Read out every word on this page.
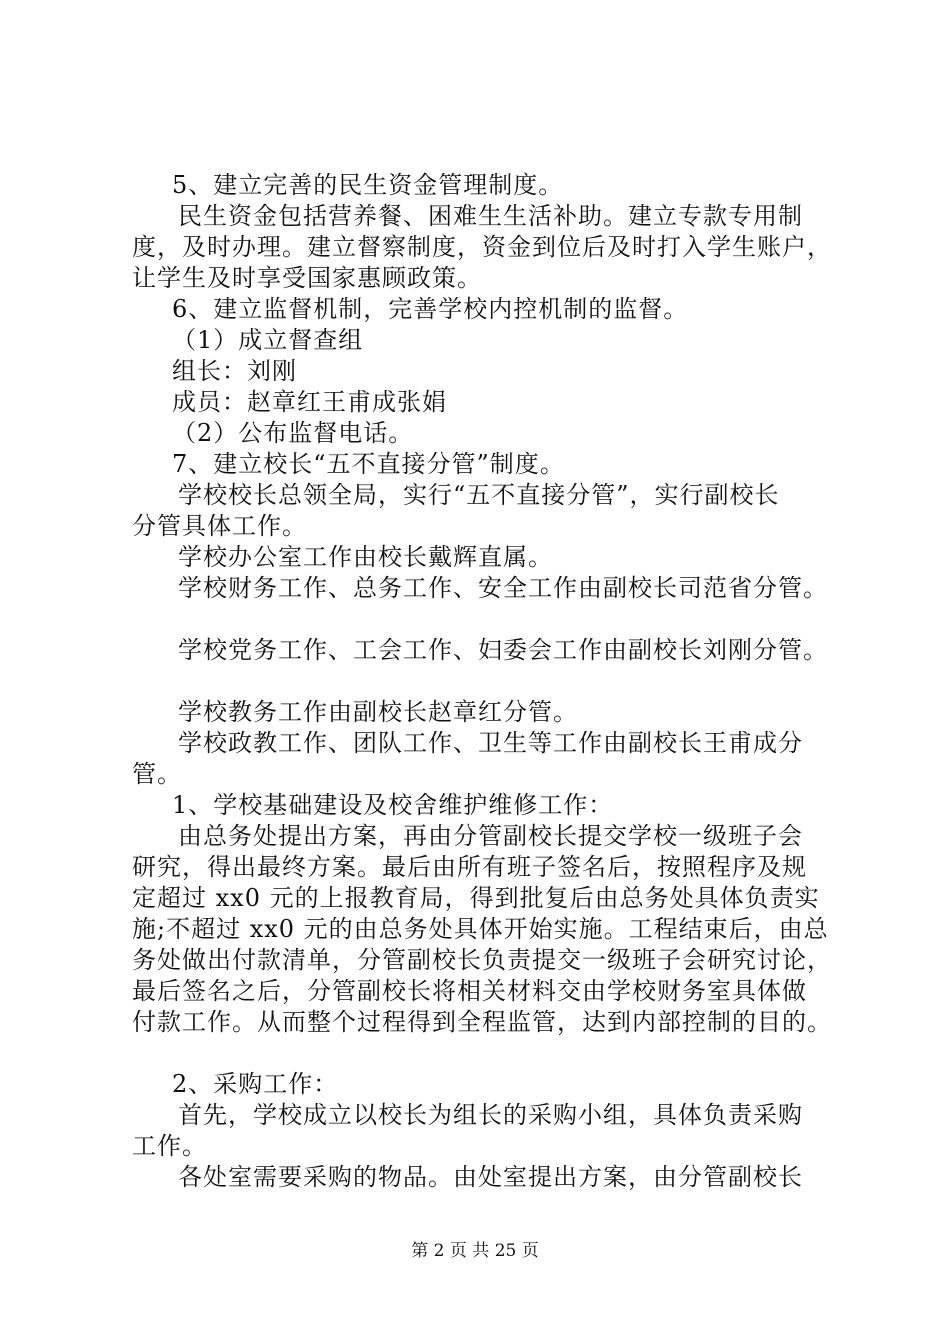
5、建立完善的民生资金管理制度。
民生资金包括营养餐、困难生生活补助。建立专款专用制
度，及时办理。建立督察制度，资金到位后及时打入学生账户，
让学生及时享受国家惠顾政策。
6、建立监督机制，完善学校内控机制的监督。
（1）成立督查组
组长：刘刚
成员：赵章红王甫成张娟
（2）公布监督电话。
7、建立校长“五不直接分管”制度。
学校校长总领全局，实行“五不直接分管”，实行副校长
分管具体工作。
学校办公室工作由校长戴辉直属。
学校财务工作、总务工作、安全工作由副校长司范省分管。
学校党务工作、工会工作、妇委会工作由副校长刘刚分管。
学校教务工作由副校长赵章红分管。
学校政教工作、团队工作、卫生等工作由副校长王甫成分
管。
1、学校基础建设及校舍维护维修工作：
由总务处提出方案，再由分管副校长提交学校一级班子会
研究，得出最终方案。最后由所有班子签名后，按照程序及规
定超过 xx0 元的上报教育局，得到批复后由总务处具体负责实
施;不超过 xx0 元的由总务处具体开始实施。工程结束后，由总
务处做出付款清单，分管副校长负责提交一级班子会研究讨论，
最后签名之后，分管副校长将相关材料交由学校财务室具体做
付款工作。从而整个过程得到全程监管，达到内部控制的目的。
2、采购工作：
首先，学校成立以校长为组长的采购小组，具体负责采购
工作。
各处室需要采购的物品。由处室提出方案，由分管副校长
第 2 页 共 25 页
